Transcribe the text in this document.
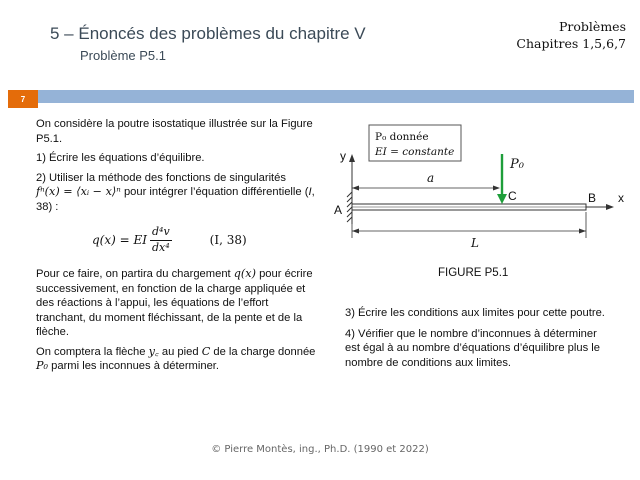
5 – Énoncés des problèmes du chapitre V
Problème P5.1
Problèmes
Chapitres 1,5,6,7
7

On considère la poutre isostatique illustrée sur la Figure P5.1.

1) Écrire les équations d’équilibre.

2) Utiliser la méthode des fonctions de singularités
fⁿ(x) = ⟨xᵢ − x⟩ⁿ pour intégrer l’équation différentielle (I, 38) :

q(x) = EI $\frac{\text{d⁴v}}{\text{dx⁴}}$	(I, 38)

Pour ce faire, on partira du chargement q(x) pour écrire successivement, en fonction de la charge appliquée et des réactions à l’appui, les équations de l’effort tranchant, du moment fléchissant, de la pente et de la flèche.

On comptera la flèche y꜀ au pied C de la charge donnée P₀ parmi les inconnues à déterminer.

P₀ donnée
EI = constante
y
A
x
B
P₀
C
a
L
FIGURE P5.1

3) Écrire les conditions aux limites pour cette poutre.

4) Vérifier que le nombre d’inconnues à déterminer est égal à au nombre d’équations d’équilibre plus le nombre de conditions aux limites.

© Pierre Montès, ing., Ph.D. (1990 et 2022)
